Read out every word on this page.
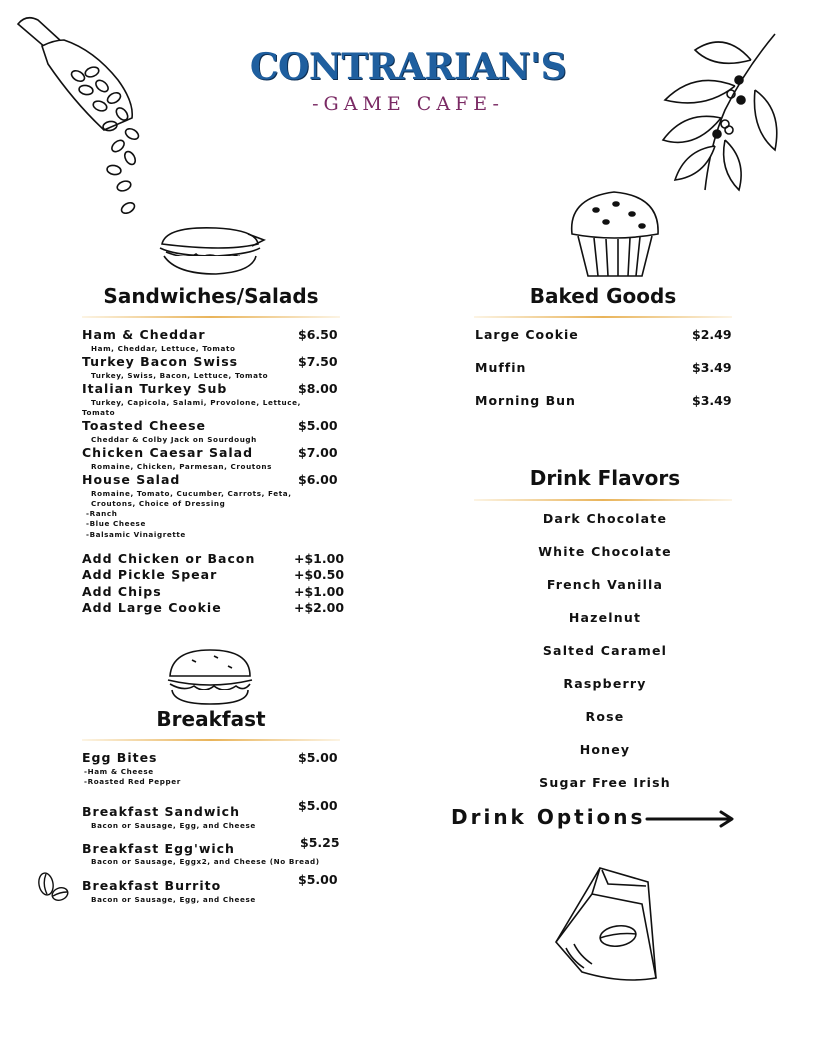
CONTRARIAN'S
-GAME CAFE-
Sandwiches/Salads
Ham & Cheddar	$6.50
Ham, Cheddar, Lettuce, Tomato
Turkey Bacon Swiss	$7.50
Turkey, Swiss, Bacon, Lettuce, Tomato
Italian Turkey Sub	$8.00
Turkey, Capicola, Salami, Provolone, Lettuce,
Tomato
Toasted Cheese	$5.00
Cheddar & Colby Jack on Sourdough
Chicken Caesar Salad	$7.00
Romaine, Chicken, Parmesan, Croutons
House Salad	$6.00
Romaine, Tomato, Cucumber, Carrots, Feta,
Croutons, Choice of Dressing
-Ranch
-Blue Cheese
-Balsamic Vinaigrette
Add Chicken or Bacon	+$1.00
Add Pickle Spear	+$0.50
Add Chips	+$1.00
Add Large Cookie	+$2.00
Breakfast
Egg Bites	$5.00
-Ham & Cheese
-Roasted Red Pepper
Breakfast Sandwich	$5.00
Bacon or Sausage, Egg, and Cheese
Breakfast Egg'wich	$5.25
Bacon or Sausage, Eggx2, and Cheese (No Bread)
Breakfast Burrito	$5.00
Bacon or Sausage, Egg, and Cheese
Baked Goods
Large Cookie	$2.49
Muffin	$3.49
Morning Bun	$3.49
Drink Flavors
Dark Chocolate
White Chocolate
French Vanilla
Hazelnut
Salted Caramel
Raspberry
Rose
Honey
Sugar Free Irish
Drink Options
